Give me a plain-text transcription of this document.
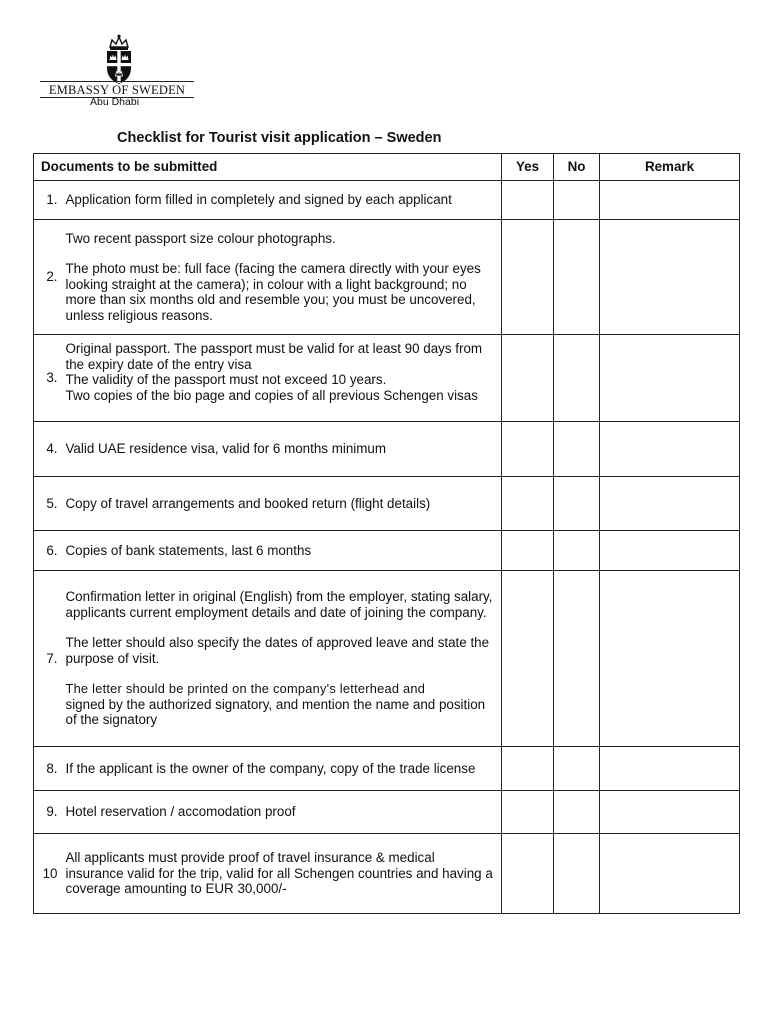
EMBASSY OF SWEDEN
Abu Dhabi
Checklist for Tourist visit application – Sweden
Documents to be submitted		Yes	No	Remark
1.	Application form filled in completely and signed by each applicant			

2.	Two recent passport size colour photographs.

The photo must be: full face (facing the camera directly with your eyes looking straight at the camera); in colour with a light background; no more than six months old and resemble you; you must be uncovered, unless religious reasons.			

3.	Original passport. The passport must be valid for at least 90 days from the expiry date of the entry visa

The validity of the passport must not exceed 10 years.

Two copies of the bio page and copies of all previous Schengen visas			

4.	Valid UAE residence visa, valid for 6 months minimum			

5.	Copy of travel arrangements and booked return (flight details)			

6.	Copies of bank statements, last 6 months			

7.	Confirmation letter in original (English) from the employer, stating salary, applicants current employment details and date of joining the company.

The letter should also specify the dates of approved leave and state the purpose of visit.

The letter should be printed on the company's letterhead and

signed by the authorized signatory, and mention the name and position of the signatory			

8.	If the applicant is the owner of the company, copy of the trade license			

9.	Hotel reservation / accomodation proof			

10	All applicants must provide proof of travel insurance & medical insurance valid for the trip, valid for all Schengen countries and having a coverage amounting to EUR 30,000/-			
